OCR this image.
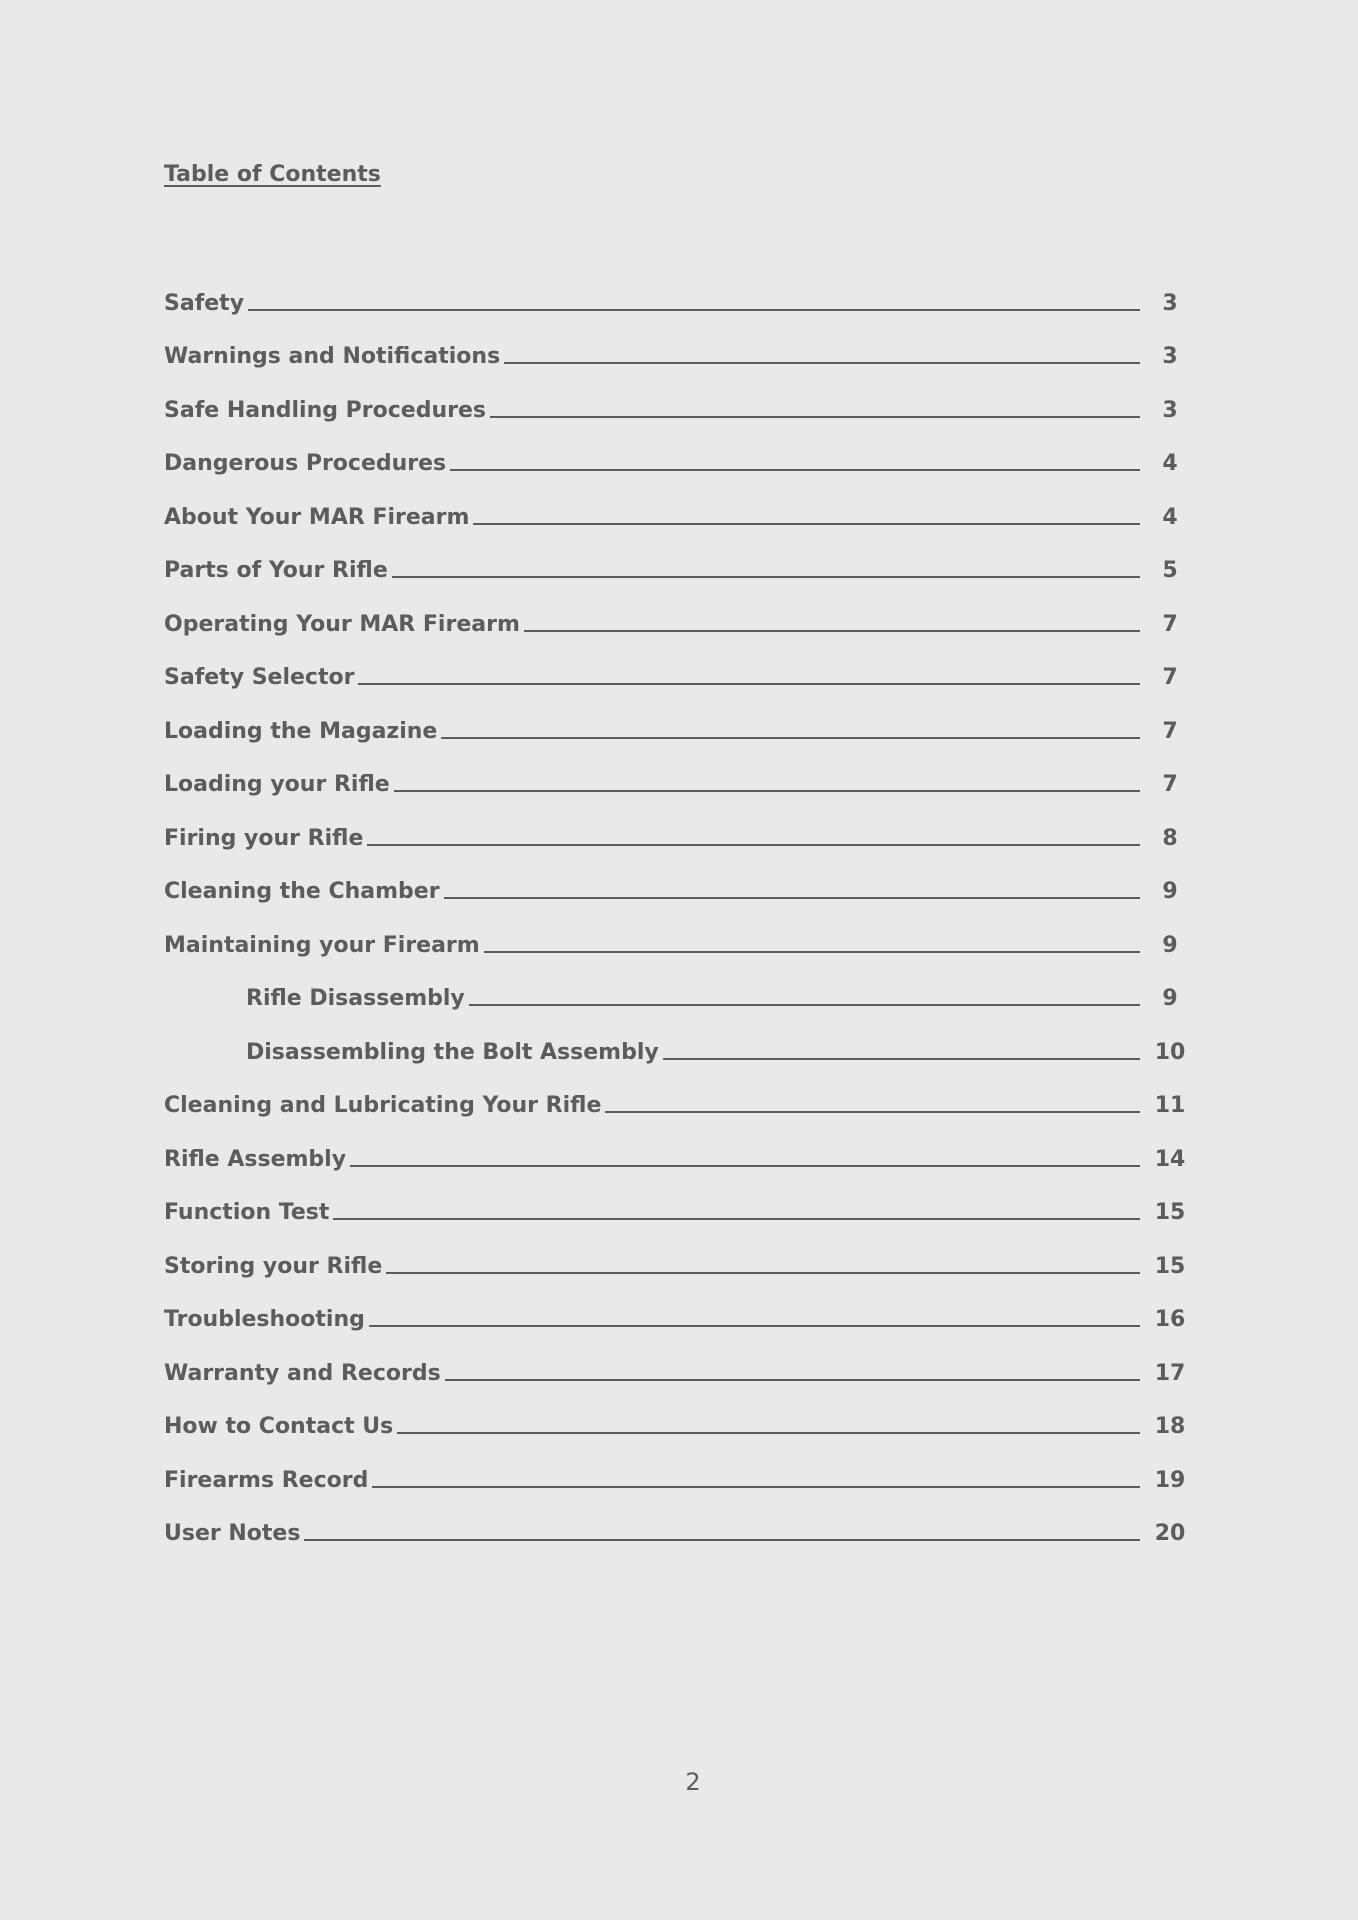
Table of Contents
Safety	3
Warnings and Notifications	3
Safe Handling Procedures	3
Dangerous Procedures	4
About Your MAR Firearm	4
Parts of Your Rifle	5
Operating Your MAR Firearm	7
Safety Selector	7
Loading the Magazine	7
Loading your Rifle	7
Firing your Rifle	8
Cleaning the Chamber	9
Maintaining your Firearm	9
Rifle Disassembly	9
Disassembling the Bolt Assembly	10
Cleaning and Lubricating Your Rifle	11
Rifle Assembly	14
Function Test	15
Storing your Rifle	15
Troubleshooting	16
Warranty and Records	17
How to Contact Us	18
Firearms Record	19
User Notes	20
2
